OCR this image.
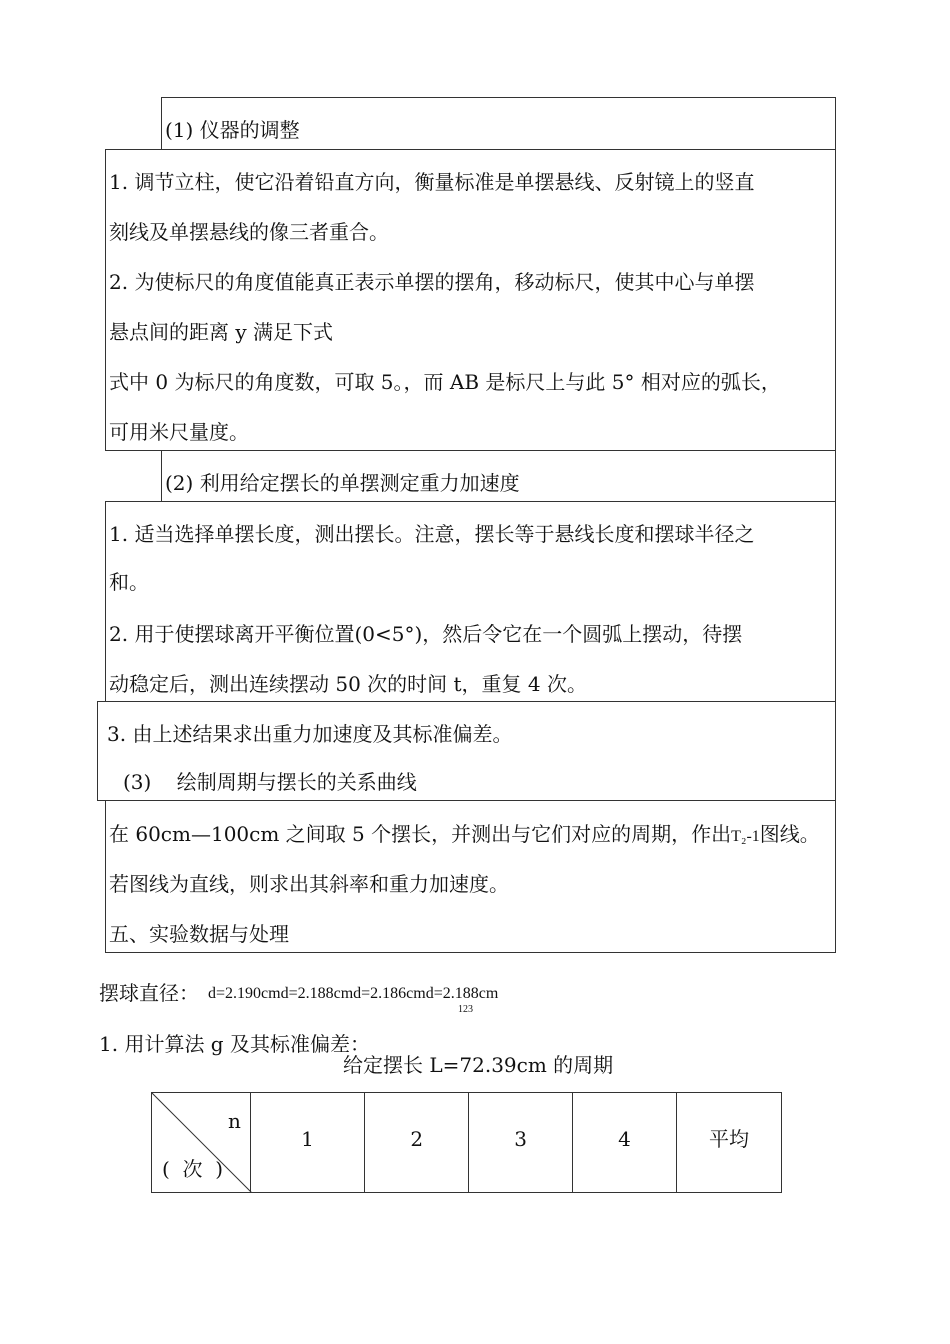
(1) 仪器的调整
1. 调节立柱，使它沿着铅直方向，衡量标准是单摆悬线、反射镜上的竖直
刻线及单摆悬线的像三者重合。
2. 为使标尺的角度值能真正表示单摆的摆角，移动标尺，使其中心与单摆
悬点间的距离 y 满足下式
式中 0 为标尺的角度数，可取 5。，而 AB 是标尺上与此 5° 相对应的弧长，
可用米尺量度。
(2) 利用给定摆长的单摆测定重力加速度
1. 适当选择单摆长度，测出摆长。注意，摆长等于悬线长度和摆球半径之
和。
2. 用于使摆球离开平衡位置(0<5°)，然后令它在一个圆弧上摆动，待摆
动稳定后，测出连续摆动 50 次的时间 t，重复 4 次。
3. 由上述结果求出重力加速度及其标准偏差。
(3)    绘制周期与摆长的关系曲线
在 60cm—100cm 之间取 5 个摆长，并测出与它们对应的周期，作出T₂-1图线。
若图线为直线，则求出其斜率和重力加速度。
五、实验数据与处理
摆球直径： d=2.190cmd=2.188cmd=2.186cmd=2.188cm
123
1. 用计算法 g 及其标准偏差：
给定摆长 L=72.39cm 的周期
n
(  次  )
	1	2	3	4	平均
